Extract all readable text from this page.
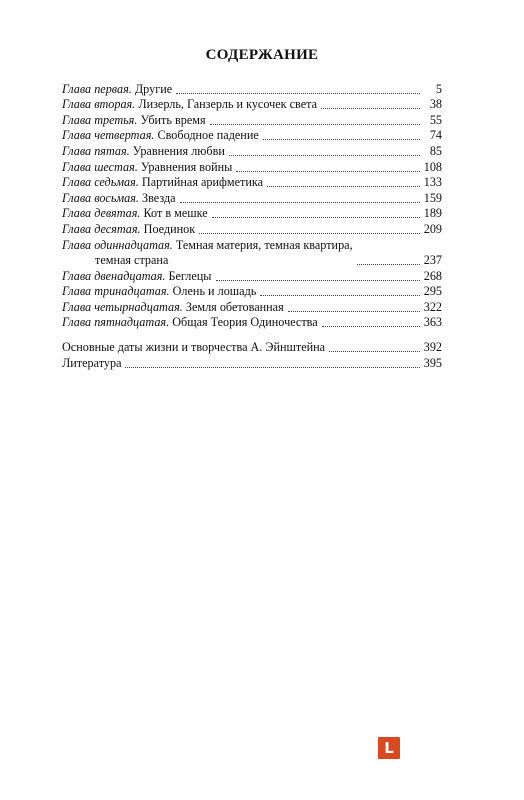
СОДЕРЖАНИЕ
Глава первая. Другие	5
Глава вторая. Лизерль, Ганзерль и кусочек света	38
Глава третья. Убить время	55
Глава четвертая. Свободное падение	74
Глава пятая. Уравнения любви	85
Глава шестая. Уравнения войны	108
Глава седьмая. Партийная арифметика	133
Глава восьмая. Звезда	159
Глава девятая. Кот в мешке	189
Глава десятая. Поединок	209
Глава одиннадцатая. Темная материя, темная квартира,
темная страна	237
Глава двенадцатая. Беглецы	268
Глава тринадцатая. Олень и лошадь	295
Глава четырнадцатая. Земля обетованная	322
Глава пятнадцатая. Общая Теория Одиночества	363
Основные даты жизни и творчества А. Эйнштейна	392
Литература	395
L
